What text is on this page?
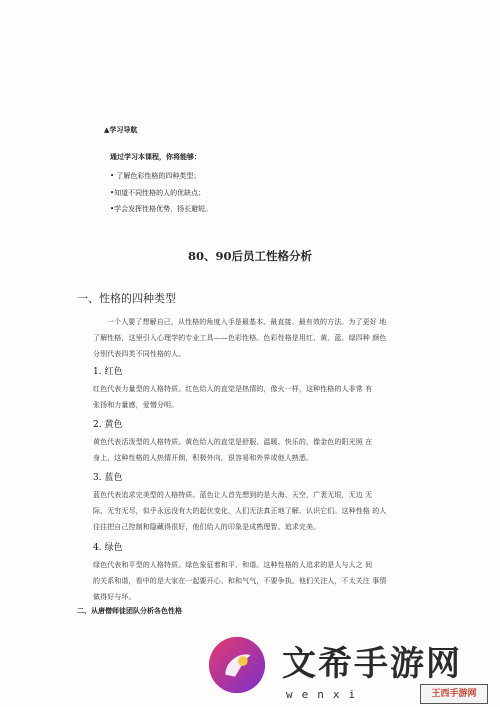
▲学习导航
通过学习本课程，你将能够：
• 了解色彩性格的四种类型；
•知道不同性格的人的优缺点；
•学会发挥性格优势，扬长避短。
80、90后员工性格分析
一、性格的四种类型
一个人要了想解自己，从性格的角度入手是最基本、最直接、最有效的方法。为了更好 地
了解性格，这里引入心理学的专业工具——色彩性格。色彩性格是用红、黄、蓝、绿四种 颜色
分别代表四类不同性格的人。
1. 红色
红色代表力量型的人格特质。红色给人的直觉是热情的，像火一样，这种性格的人非常 有
张扬和力量感，爱憎分明。
2. 黄色
黄色代表活泼型的人格特质。黄色给人的直觉是舒服、温暖、快乐的，像金色的阳光照 在
身上，这种性格的人热情开朗，积极外向，很容易和外界或他人熟悉。
3. 蓝色
蓝色代表追求完美型的人格特质。蓝色让人首先想到的是大海、天空，广袤无垠，无边 无
际，无穷无尽，似乎永远没有大的起伏变化，人们无法真正地了解、认识它们。这种性格 的人
往往把自己控制和隐藏得很好，他们给人的印象是成熟理智、追求完美。
4. 绿色
绿色代表和平型的人格特质。绿色象征着和平、和谐。这种性格的人追求的是人与人之 间
的关系和谐，看中的是大家在一起要开心、和和气气，不要争执。他们关注人，不太关注 事情
做得好与坏。
二、从唐僧师徒团队分析各色性格
文希手游网
wenxi	王西手游网
